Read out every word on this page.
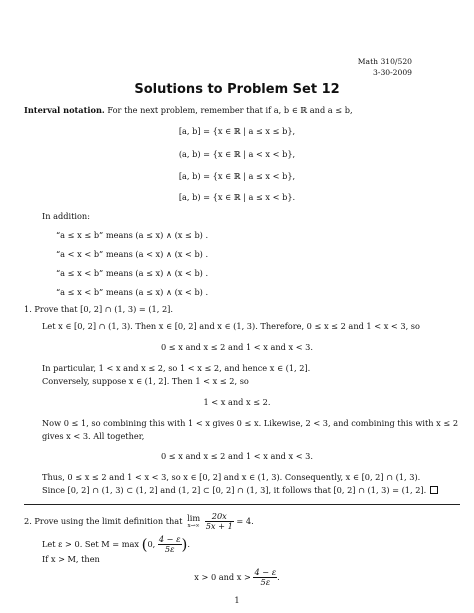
Math 310/520
3-30-2009
Solutions to Problem Set 12
Interval notation. For the next problem, remember that if a, b ∈ ℝ and a ≤ b,
[a, b] = {x ∈ ℝ | a ≤ x ≤ b},
(a, b) = {x ∈ ℝ | a < x < b},
[a, b) = {x ∈ ℝ | a ≤ x < b},
[a, b) = {x ∈ ℝ | a ≤ x < b}.
In addition:
“a ≤ x ≤ b” means (a ≤ x) ∧ (x ≤ b) .
“a < x < b” means (a < x) ∧ (x < b) .
“a ≤ x < b” means (a ≤ x) ∧ (x < b) .
“a ≤ x < b” means (a ≤ x) ∧ (x < b) .
1. Prove that [0, 2] ∩ (1, 3) = (1, 2].
Let x ∈ [0, 2] ∩ (1, 3). Then x ∈ [0, 2] and x ∈ (1, 3). Therefore, 0 ≤ x ≤ 2 and 1 < x < 3, so
0 ≤ x and x ≤ 2 and 1 < x and x < 3.
In particular, 1 < x and x ≤ 2, so 1 < x ≤ 2, and hence x ∈ (1, 2].
Conversely, suppose x ∈ (1, 2]. Then 1 < x ≤ 2, so
1 < x and x ≤ 2.
Now 0 ≤ 1, so combining this with 1 < x gives 0 ≤ x. Likewise, 2 < 3, and combining this with x ≤ 2
gives x < 3. All together,
0 ≤ x and x ≤ 2 and 1 < x and x < 3.
Thus, 0 ≤ x ≤ 2 and 1 < x < 3, so x ∈ [0, 2] and x ∈ (1, 3). Consequently, x ∈ [0, 2] ∩ (1, 3).
Since [0, 2] ∩ (1, 3) ⊂ (1, 2] and (1, 2] ⊂ [0, 2] ∩ (1, 3], it follows that [0, 2] ∩ (1, 3) = (1, 2].
2. Prove using the limit definition that lim
x→∞
$\frac{20x}{5x + 1} = 4$.
Let ε > 0. Set M = max (0, $\frac{4 - \varepsilon}{5\varepsilon}$ ).
If x > M, then
x > 0 and $x > \frac{4 - \varepsilon}{5\varepsilon}$ .
1
